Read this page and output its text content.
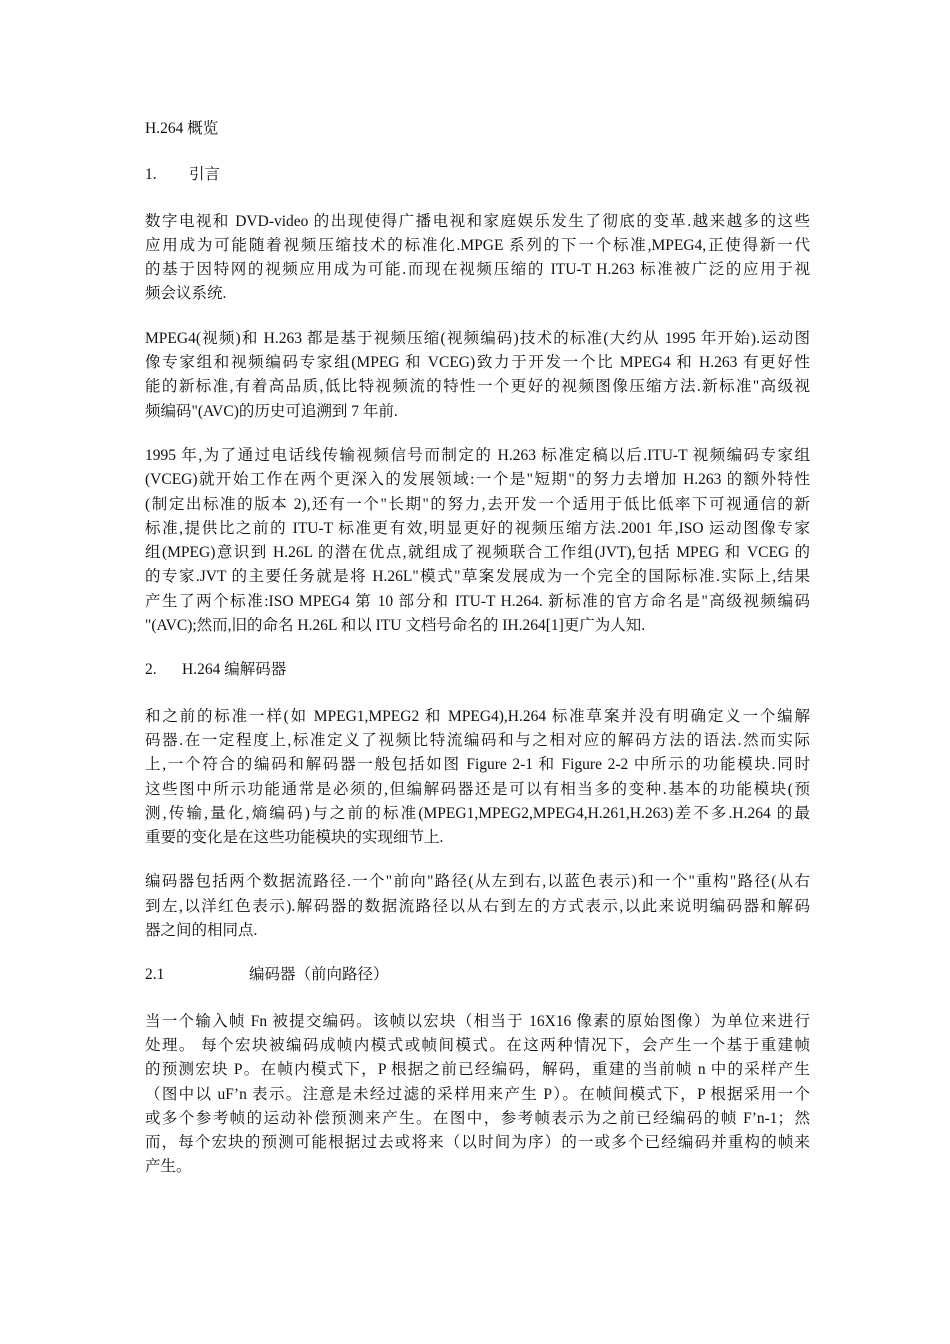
H.264 概览

1. 引言

数字电视和 DVD-video 的出现使得广播电视和家庭娱乐发生了彻底的变革.越来越多的这些
应用成为可能随着视频压缩技术的标准化.MPGE 系列的下一个标准,MPEG4,正使得新一代
的基于因特网的视频应用成为可能.而现在视频压缩的 ITU-T H.263 标准被广泛的应用于视
频会议系统.
MPEG4(视频)和 H.263 都是基于视频压缩(视频编码)技术的标准(大约从 1995 年开始).运动图
像专家组和视频编码专家组(MPEG 和 VCEG)致力于开发一个比 MPEG4 和 H.263 有更好性
能的新标准,有着高品质,低比特视频流的特性一个更好的视频图像压缩方法.新标准"高级视
频编码"(AVC)的历史可追溯到 7 年前.
1995 年,为了通过电话线传输视频信号而制定的 H.263 标准定稿以后.ITU-T 视频编码专家组
(VCEG)就开始工作在两个更深入的发展领域:一个是"短期"的努力去增加 H.263 的额外特性
(制定出标准的版本 2),还有一个"长期"的努力,去开发一个适用于低比低率下可视通信的新
标准,提供比之前的 ITU-T 标准更有效,明显更好的视频压缩方法.2001 年,ISO 运动图像专家
组(MPEG)意识到 H.26L 的潜在优点,就组成了视频联合工作组(JVT),包括 MPEG 和 VCEG 的
的专家.JVT 的主要任务就是将 H.26L"模式"草案发展成为一个完全的国际标准.实际上,结果
产生了两个标准:ISO MPEG4 第 10 部分和 ITU-T H.264. 新标准的官方命名是"高级视频编码
"(AVC);然而,旧的命名 H.26L 和以 ITU 文档号命名的 IH.264[1]更广为人知.

2. H.264 编解码器

和之前的标准一样(如 MPEG1,MPEG2 和 MPEG4),H.264 标准草案并没有明确定义一个编解
码器.在一定程度上,标准定义了视频比特流编码和与之相对应的解码方法的语法.然而实际
上,一个符合的编码和解码器一般包括如图 Figure 2-1 和 Figure 2-2 中所示的功能模块.同时
这些图中所示功能通常是必须的,但编解码器还是可以有相当多的变种.基本的功能模块(预
测,传输,量化,熵编码)与之前的标准(MPEG1,MPEG2,MPEG4,H.261,H.263)差不多.H.264 的最
重要的变化是在这些功能模块的实现细节上.
编码器包括两个数据流路径.一个"前向"路径(从左到右,以蓝色表示)和一个"重构"路径(从右
到左,以洋红色表示).解码器的数据流路径以从右到左的方式表示,以此来说明编码器和解码
器之间的相同点.

2.1	编码器（前向路径）

当一个输入帧 Fn 被提交编码。该帧以宏块（相当于 16X16 像素的原始图像）为单位来进行
处理。 每个宏块被编码成帧内模式或帧间模式。在这两种情况下，会产生一个基于重建帧
的预测宏块 P。在帧内模式下，P 根据之前已经编码，解码，重建的当前帧 n 中的采样产生
（图中以 uF’n 表示。注意是未经过滤的采样用来产生 P）。在帧间模式下，P 根据采用一个
或多个参考帧的运动补偿预测来产生。在图中，参考帧表示为之前已经编码的帧 F’n-1；然
而，每个宏块的预测可能根据过去或将来（以时间为序）的一或多个已经编码并重构的帧来
产生。
